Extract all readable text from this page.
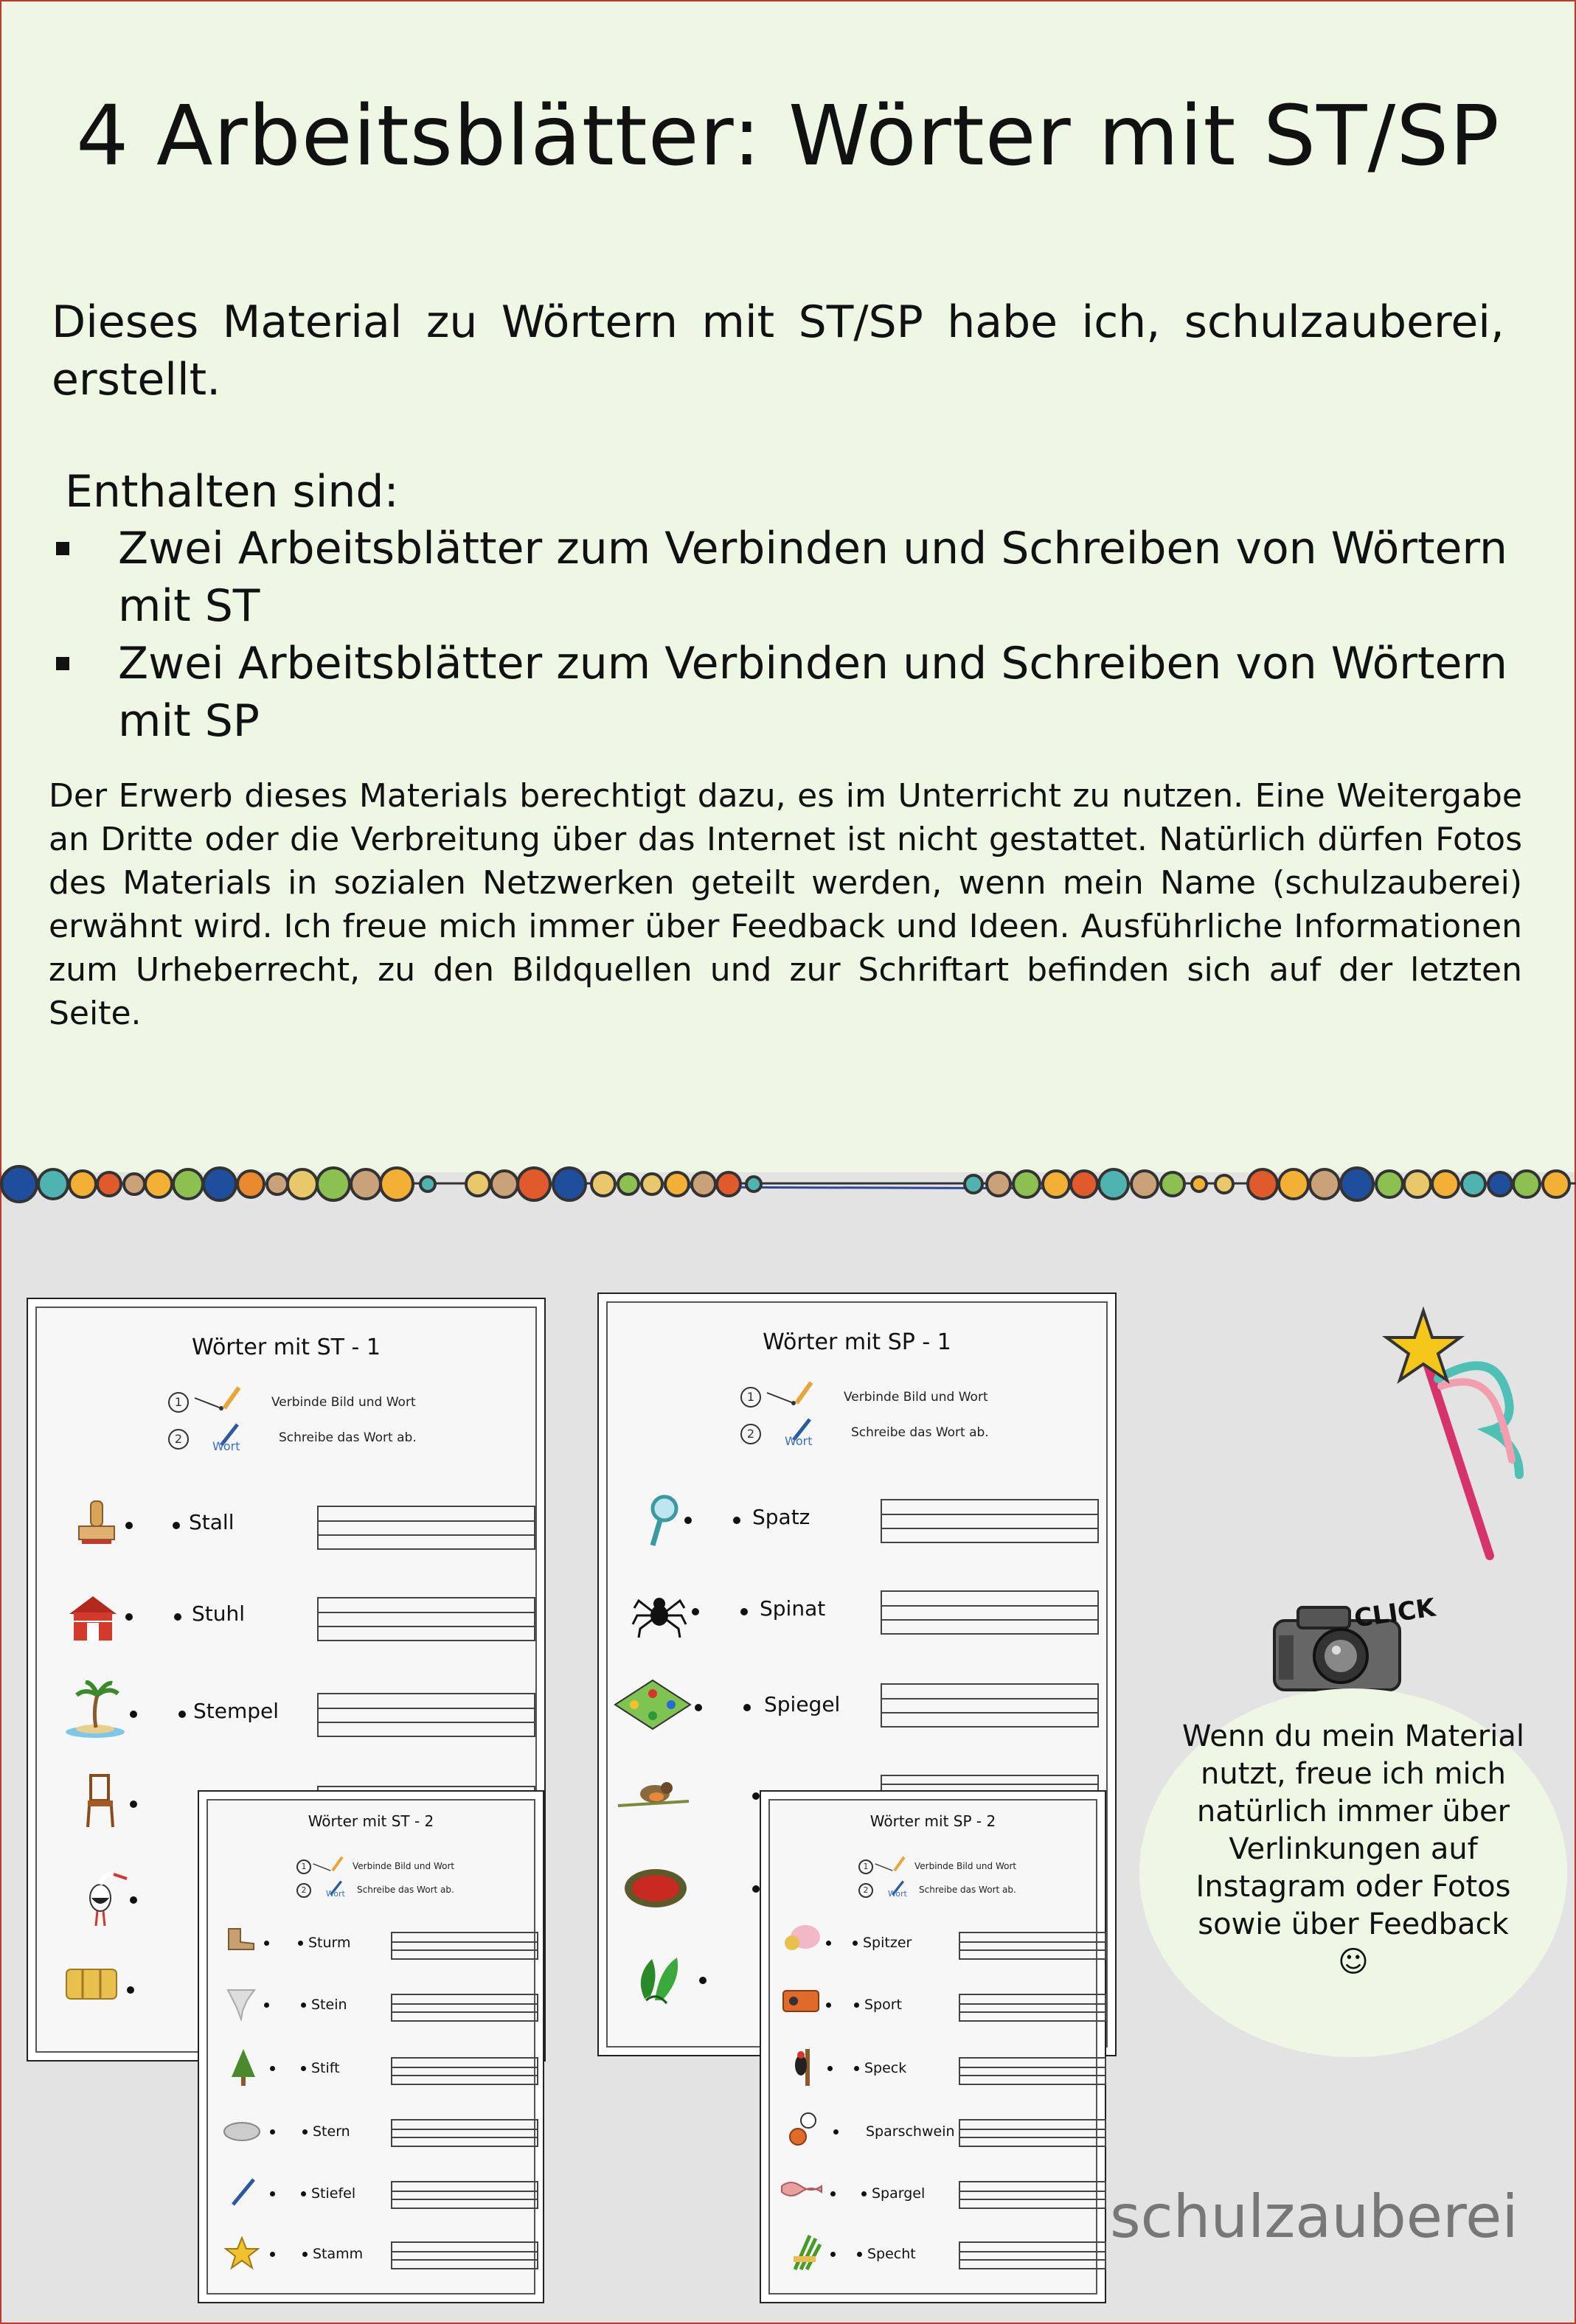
4 Arbeitsblätter: Wörter mit ST/SP
Dieses Material zu Wörtern mit ST/SP habe ich, schulzauberei, erstellt.
Enthalten sind:
Zwei Arbeitsblätter zum Verbinden und Schreiben von Wörtern mit ST
Zwei Arbeitsblätter zum Verbinden und Schreiben von Wörtern mit SP
Der Erwerb dieses Materials berechtigt dazu, es im Unterricht zu nutzen. Eine Weitergabe an Dritte oder die Verbreitung über das Internet ist nicht gestattet. Natürlich dürfen Fotos des Materials in sozialen Netzwerken geteilt werden, wenn mein Name (schulzauberei) erwähnt wird. Ich freue mich immer über Feedback und Ideen. Ausführliche Informationen zum Urheberrecht, zu den Bildquellen und zur Schriftart befinden sich auf der letzten Seite.
Wörter mit ST - 1
1
2
Wort
Verbinde Bild und Wort
Schreibe das Wort ab.
Stall
Stuhl
Stempel
Wörter mit SP - 1
1
2
Wort
Verbinde Bild und Wort
Schreibe das Wort ab.
Spatz
Spinat
Spiegel
Wörter mit ST - 2
1
2	Wort
Verbinde Bild und Wort
Schreibe das Wort ab.
Sturm
Stein
Stift
Stern
Stiefel
Stamm
Wörter mit SP - 2
1
2	Wort
Verbinde Bild und Wort
Schreibe das Wort ab.
Spitzer
Sport
Speck
Sparschwein
Spargel
Specht
CLICK
Wenn du mein Material nutzt, freue ich mich natürlich immer über Verlinkungen auf Instagram oder Fotos sowie über Feedback ☺
schulzauberei
